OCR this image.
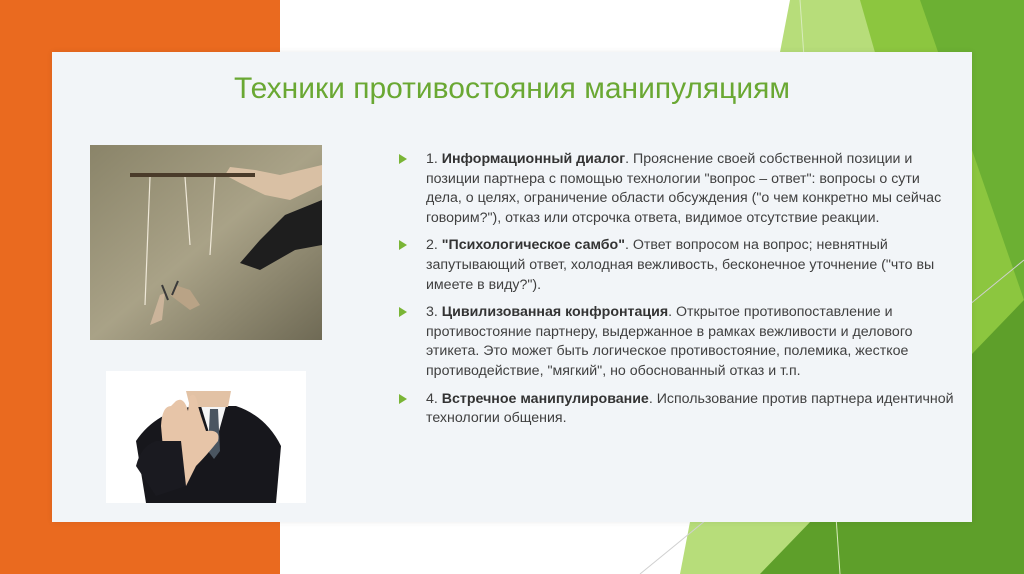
Техники противостояния манипуляциям
1. Информационный диалог. Прояснение своей собственной позиции и позиции партнера с помощью технологии "вопрос – ответ": вопросы о сути дела, о целях, ограничение области обсуждения ("о чем конкретно мы сейчас говорим?"), отказ или отсрочка ответа, видимое отсутствие реакции.
2. "Психологическое самбо". Ответ вопросом на вопрос; невнятный запутывающий ответ, холодная вежливость, бесконечное уточнение ("что вы имеете в виду?").
3. Цивилизованная конфронтация. Открытое противопоставление и противостояние партнеру, выдержанное в рамках вежливости и делового этикета. Это может быть логическое противостояние, полемика, жесткое противодействие, "мягкий", но обоснованный отказ и т.п.
4. Встречное манипулирование. Использование против партнера идентичной технологии общения.
